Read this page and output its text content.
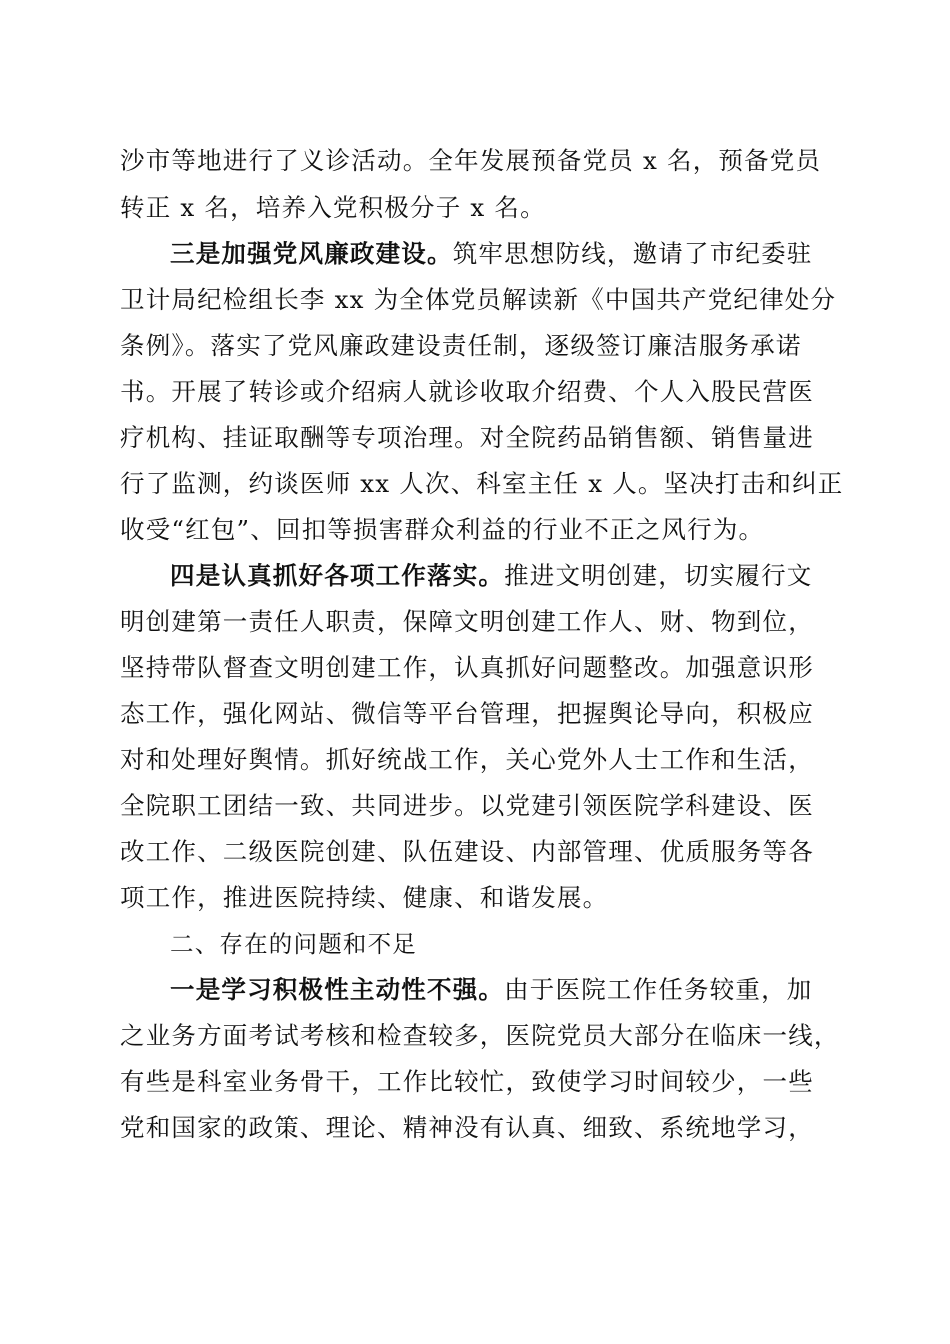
沙市等地进行了义诊活动。全年发展预备党员 x 名，预备党员
转正 x 名，培养入党积极分子 x 名。
三是加强党风廉政建设。筑牢思想防线，邀请了市纪委驻
卫计局纪检组长李 xx 为全体党员解读新《中国共产党纪律处分
条例》。落实了党风廉政建设责任制，逐级签订廉洁服务承诺
书。开展了转诊或介绍病人就诊收取介绍费、个人入股民营医
疗机构、挂证取酬等专项治理。对全院药品销售额、销售量进
行了监测，约谈医师 xx 人次、科室主任 x 人。坚决打击和纠正
收受“红包”、回扣等损害群众利益的行业不正之风行为。
四是认真抓好各项工作落实。推进文明创建，切实履行文
明创建第一责任人职责，保障文明创建工作人、财、物到位，
坚持带队督查文明创建工作，认真抓好问题整改。加强意识形
态工作，强化网站、微信等平台管理，把握舆论导向，积极应
对和处理好舆情。抓好统战工作，关心党外人士工作和生活，
全院职工团结一致、共同进步。以党建引领医院学科建设、医
改工作、二级医院创建、队伍建设、内部管理、优质服务等各
项工作，推进医院持续、健康、和谐发展。
二、存在的问题和不足
一是学习积极性主动性不强。由于医院工作任务较重，加
之业务方面考试考核和检查较多，医院党员大部分在临床一线，
有些是科室业务骨干，工作比较忙，致使学习时间较少，一些
党和国家的政策、理论、精神没有认真、细致、系统地学习，
